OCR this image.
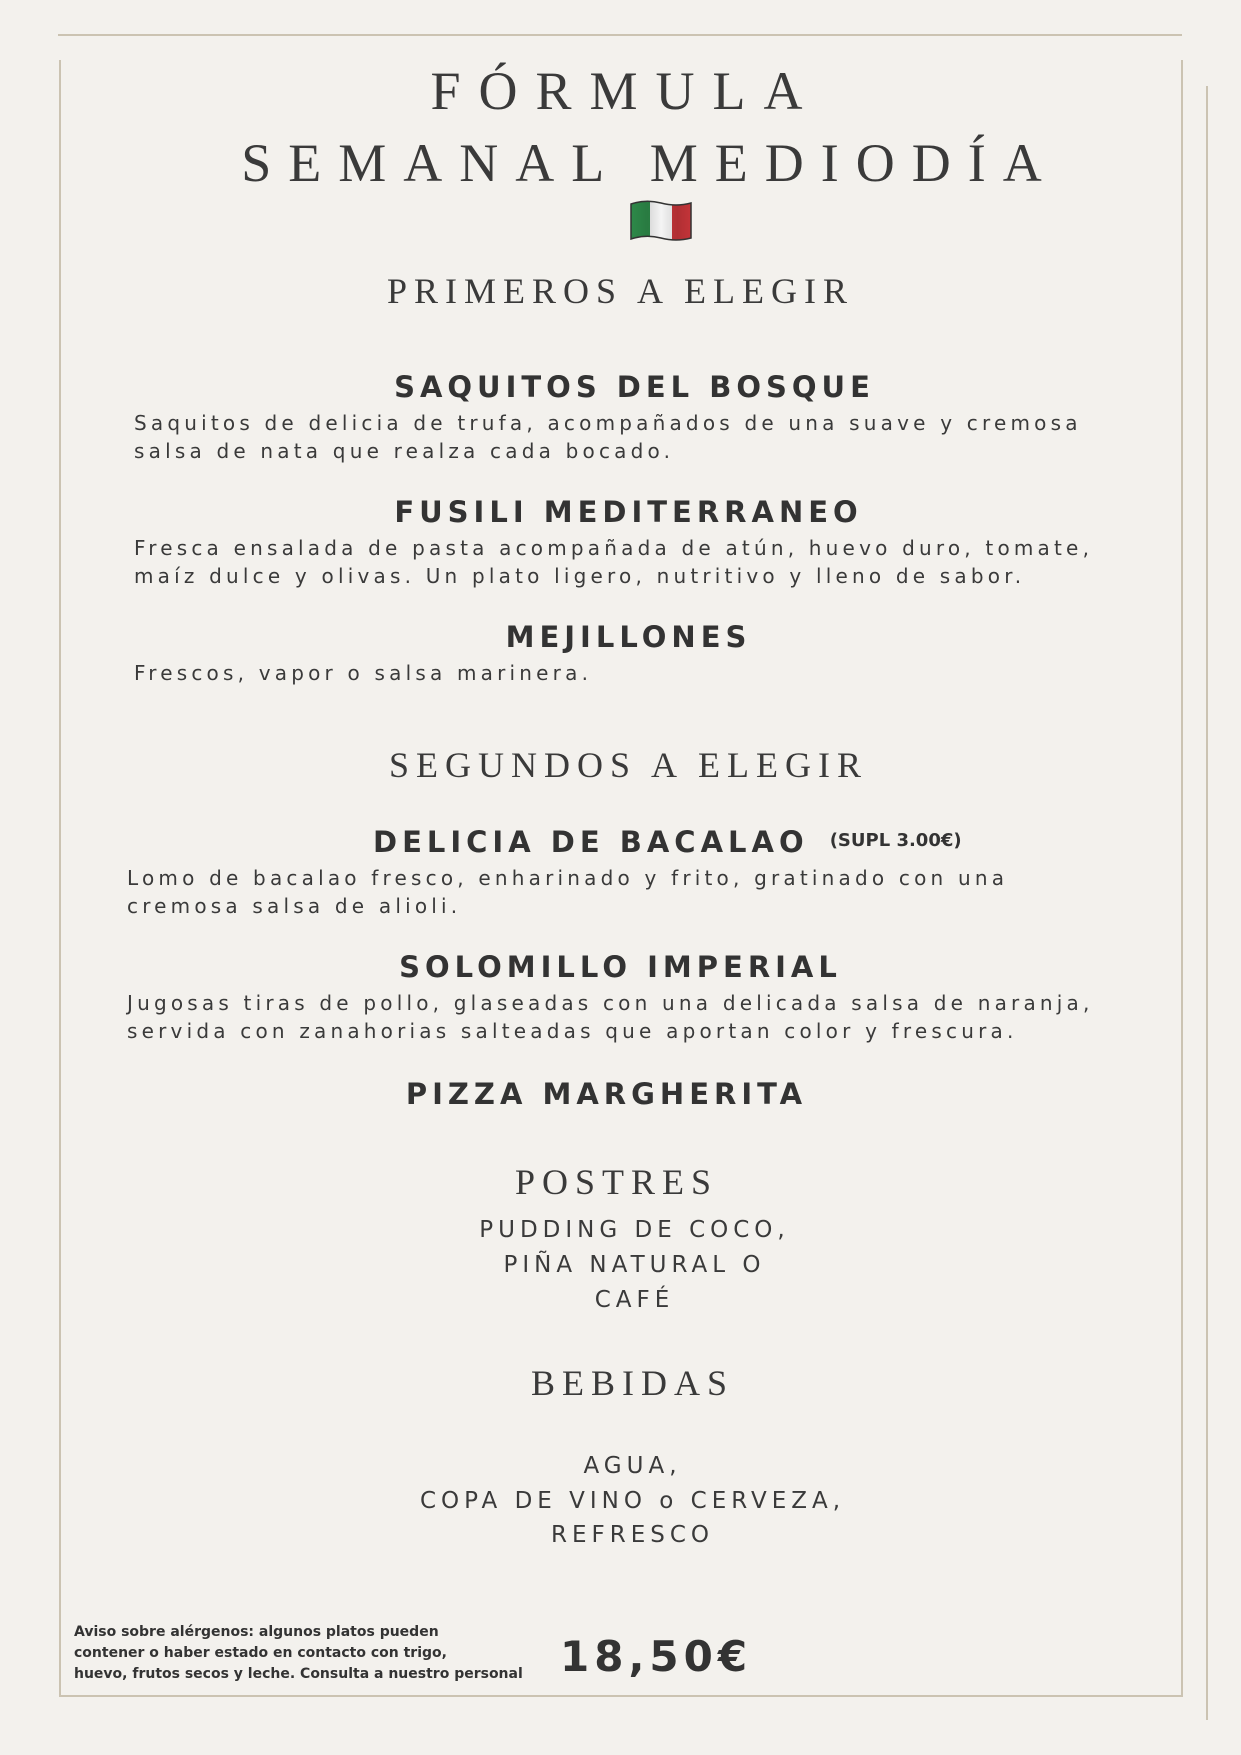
FÓRMULA
SEMANAL MEDIODÍA
PRIMEROS A ELEGIR
SAQUITOS DEL BOSQUE
Saquitos de delicia de trufa, acompañados de una suave y cremosa
salsa de nata que realza cada bocado.
FUSILI MEDITERRANEO
Fresca ensalada de pasta acompañada de atún, huevo duro, tomate,
maíz dulce y olivas. Un plato ligero, nutritivo y lleno de sabor.
MEJILLONES
Frescos, vapor o salsa marinera.
SEGUNDOS A ELEGIR
DELICIA DE BACALAO $^{(SUPL 3.00€)}$
Lomo de bacalao fresco, enharinado y frito, gratinado con una
cremosa salsa de alioli.
SOLOMILLO IMPERIAL
Jugosas tiras de pollo, glaseadas con una delicada salsa de naranja,
servida con zanahorias salteadas que aportan color y frescura.
PIZZA MARGHERITA
POSTRES
PUDDING DE COCO,
PIÑA NATURAL O
CAFÉ
BEBIDAS
AGUA,
COPA DE VINO o CERVEZA,
REFRESCO
Aviso sobre alérgenos: algunos platos pueden
contener o haber estado en contacto con trigo,
huevo, frutos secos y leche. Consulta a nuestro personal 18,50€
